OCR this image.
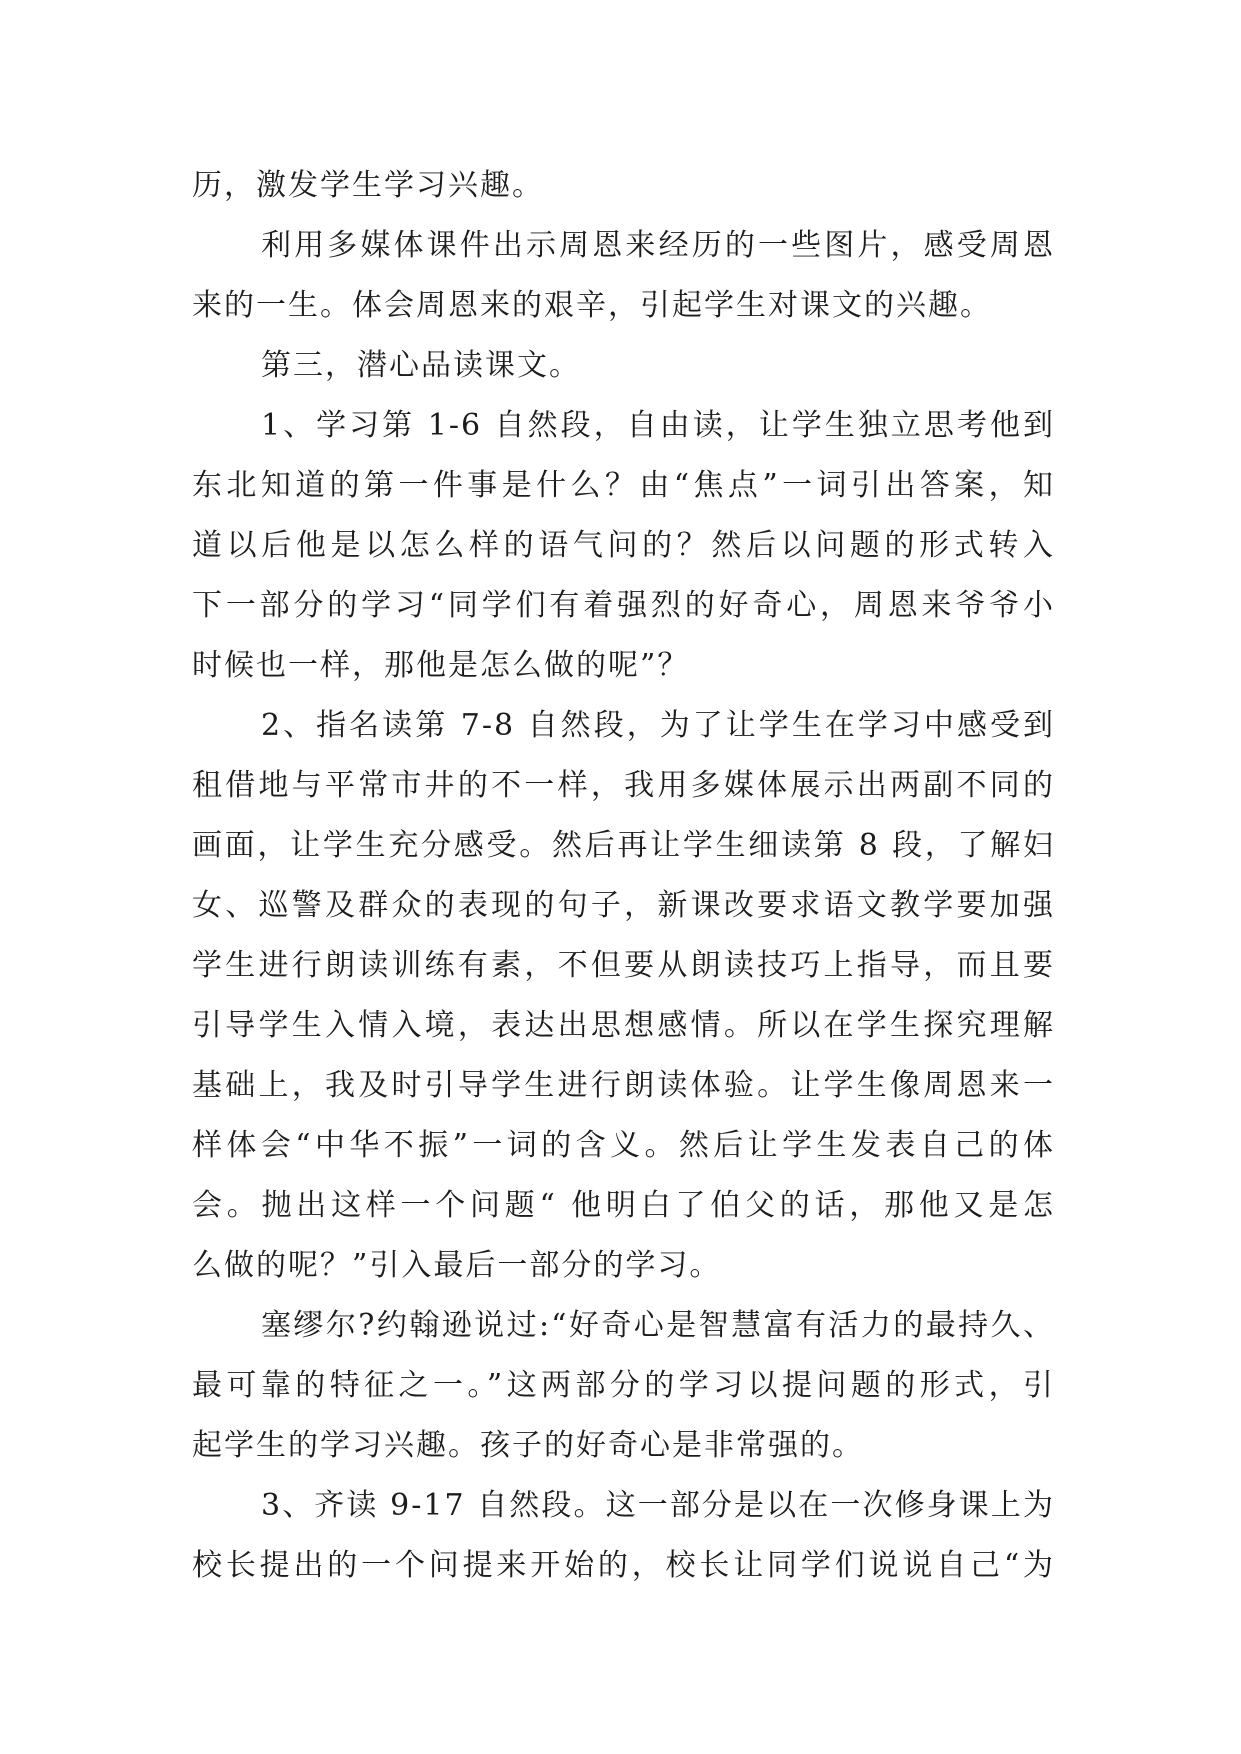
历，激发学生学习兴趣。
利用多媒体课件出示周恩来经历的一些图片，感受周恩
来的一生。体会周恩来的艰辛，引起学生对课文的兴趣。
第三，潜心品读课文。
1、学习第 1-6 自然段，自由读，让学生独立思考他到
东北知道的第一件事是什么？由“焦点”一词引出答案，知
道以后他是以怎么样的语气问的？然后以问题的形式转入
下一部分的学习“同学们有着强烈的好奇心，周恩来爷爷小
时候也一样，那他是怎么做的呢”？
2、指名读第 7-8 自然段，为了让学生在学习中感受到
租借地与平常市井的不一样，我用多媒体展示出两副不同的
画面，让学生充分感受。然后再让学生细读第 8 段，了解妇
女、巡警及群众的表现的句子，新课改要求语文教学要加强
学生进行朗读训练有素，不但要从朗读技巧上指导，而且要
引导学生入情入境，表达出思想感情。所以在学生探究理解
基础上，我及时引导学生进行朗读体验。让学生像周恩来一
样体会“中华不振”一词的含义。然后让学生发表自己的体
会。抛出这样一个问题“ 他明白了伯父的话，那他又是怎
么做的呢？”引入最后一部分的学习。
塞缪尔?约翰逊说过:“好奇心是智慧富有活力的最持久、
最可靠的特征之一。”这两部分的学习以提问题的形式，引
起学生的学习兴趣。孩子的好奇心是非常强的。
3、齐读 9-17 自然段。这一部分是以在一次修身课上为
校长提出的一个问提来开始的，校长让同学们说说自己“为
